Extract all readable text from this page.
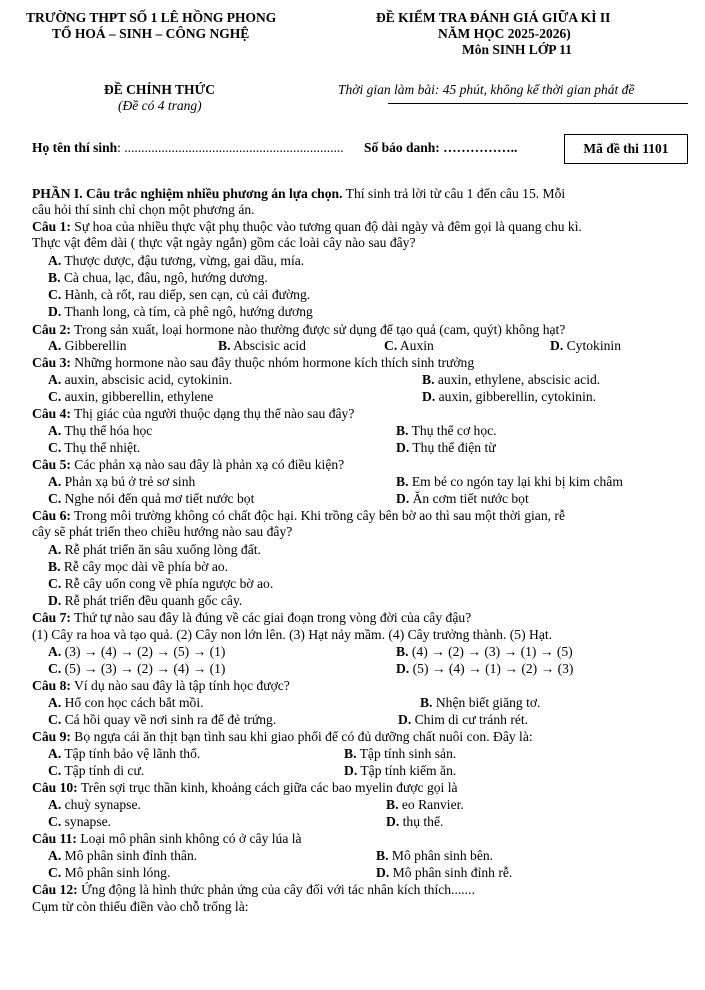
TRƯỜNG THPT SỐ 1 LÊ HỒNG PHONG
TỔ HOÁ – SINH – CÔNG NGHỆ
ĐỀ KIỂM TRA ĐÁNH GIÁ GIỮA KÌ II
NĂM HỌC 2025-2026)
Môn SINH LỚP 11
ĐỀ CHÍNH THỨC
(Đề có 4 trang)
Thời gian làm bài: 45 phút, không kể thời gian phát đề
Họ tên thí sinh: ................................................................. Số báo danh: ……………..	Mã đề thi 1101
PHẦN I. Câu trắc nghiệm nhiều phương án lựa chọn. Thí sinh trả lời từ câu 1 đến câu 15. Mỗi
câu hỏi thí sinh chỉ chọn một phương án.
Câu 1: Sự hoa của nhiều thực vật phụ thuộc vào tương quan độ dài ngày và đêm gọi là quang chu kì.
Thực vật đêm dài ( thực vật ngày ngắn) gồm các loài cây nào sau đây?
A. Thược dược, đậu tương, vừng, gai dầu, mía.
B. Cà chua, lạc, đâu, ngô, hướng dương.
C. Hành, cà rốt, rau diếp, sen cạn, củ cải đường.
D. Thanh long, cà tím, cà phê ngô, hướng dương
Câu 2: Trong sản xuất, loại hormone nào thường được sử dụng để tạo quả (cam, quýt) không hạt?
A. Gibberellin	B. Abscisic acid	C. Auxin	D. Cytokinin
Câu 3: Những hormone nào sau đây thuộc nhóm hormone kích thích sinh trưởng
A. auxin, abscisic acid, cytokinin.	B. auxin, ethylene, abscisic acid.
C. auxin, gibberellin, ethylene	D. auxin, gibberellin, cytokinin.
Câu 4: Thị giác của người thuộc dạng thụ thể nào sau đây?
A. Thụ thể hóa học	B. Thụ thể cơ học.
C. Thụ thể nhiệt.	D. Thụ thể điện từ
Câu 5: Các phản xạ nào sau đây là phản xạ có điều kiện?
A. Phản xạ bú ở trẻ sơ sinh	B. Em bé co ngón tay lại khi bị kim châm
C. Nghe nói đến quả mơ tiết nước bọt	D. Ăn cơm tiết nước bọt
Câu 6: Trong môi trường không có chất độc hại. Khi trồng cây bên bờ ao thì sau một thời gian, rễ
cây sẽ phát triển theo chiều hướng nào sau đây?
A. Rễ phát triển ăn sâu xuống lòng đất.
B. Rễ cây mọc dài về phía bờ ao.
C. Rễ cây uốn cong về phía ngược bờ ao.
D. Rễ phát triển đều quanh gốc cây.
Câu 7: Thứ tự nào sau đây là đúng về các giai đoạn trong vòng đời của cây đậu?
(1) Cây ra hoa và tạo quả. (2) Cây non lớn lên. (3) Hạt nảy mầm. (4) Cây trưởng thành. (5) Hạt.
A. (3) → (4) → (2) → (5) → (1)	B. (4) → (2) → (3) → (1) → (5)
C. (5) → (3) → (2) → (4) → (1)	D. (5) → (4) → (1) → (2) → (3)
Câu 8: Ví dụ nào sau đây là tập tính học được?
A. Hổ con học cách bắt mồi.	B. Nhện biết giăng tơ.
C. Cá hồi quay về nơi sinh ra để đẻ trứng.	D. Chim di cư tránh rét.
Câu 9: Bọ ngựa cái ăn thịt bạn tình sau khi giao phối để có đủ dưỡng chất nuôi con. Đây là:
A. Tập tính bảo vệ lãnh thổ.	B. Tập tính sinh sản.
C. Tập tính di cư.	D. Tập tính kiếm ăn.
Câu 10: Trên sợi trục thần kinh, khoảng cách giữa các bao myelin được gọi là
A. chuỳ synapse.	B. eo Ranvier.
C. synapse.	D. thụ thể.
Câu 11: Loại mô phân sinh không có ở cây lúa là
A. Mô phân sinh đỉnh thân.	B. Mô phân sinh bên.
C. Mô phân sinh lóng.	D. Mô phân sinh đỉnh rễ.
Câu 12: Ứng động là hình thức phản ứng của cây đối với tác nhân kích thích.......
Cụm từ còn thiếu điền vào chỗ trống là:
